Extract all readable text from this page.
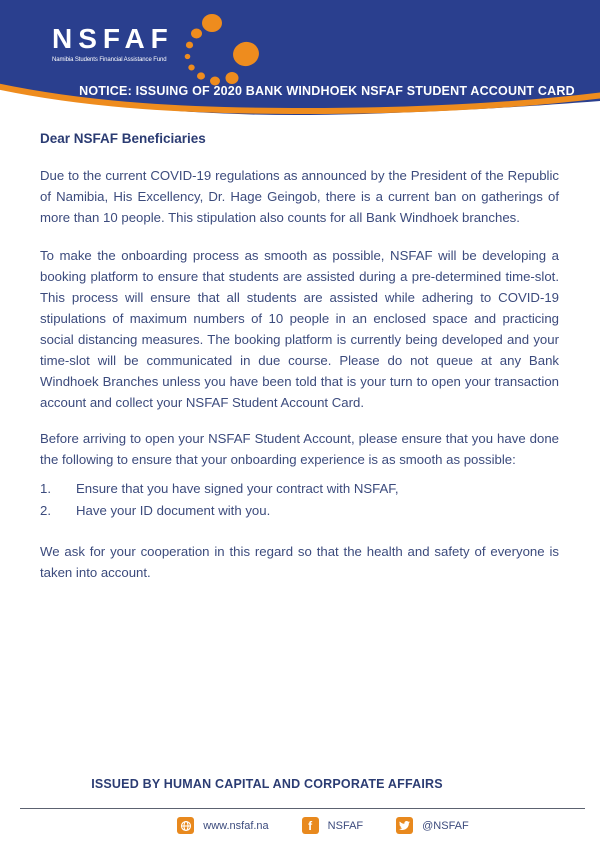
NSFAF
Namibia Students Financial Assistance Fund
NOTICE: ISSUING OF 2020 BANK WINDHOEK NSFAF STUDENT ACCOUNT CARD
Dear NSFAF Beneficiaries

Due to the current COVID-19 regulations as announced by the President of the Republic of Namibia, His Excellency, Dr. Hage Geingob, there is a current ban on gatherings of more than 10 people. This stipulation also counts for all Bank Windhoek branches.

To make the onboarding process as smooth as possible, NSFAF will be developing a booking platform to ensure that students are assisted during a pre-determined time-slot. This process will ensure that all students are assisted while adhering to COVID-19 stipulations of maximum numbers of 10 people in an enclosed space and practicing social distancing measures. The booking platform is currently being developed and your time-slot will be communicated in due course. Please do not queue at any Bank Windhoek Branches unless you have been told that is your turn to open your transaction account and collect your NSFAF Student Account Card.

Before arriving to open your NSFAF Student Account, please ensure that you have done the following to ensure that your onboarding experience is as smooth as possible:

1.	Ensure that you have signed your contract with NSFAF,
2.	Have your ID document with you.

We ask for your cooperation in this regard so that the health and safety of everyone is taken into account.

ISSUED BY HUMAN CAPITAL AND CORPORATE AFFAIRS
www.nsfaf.na	f	NSFAF	@NSFAF
